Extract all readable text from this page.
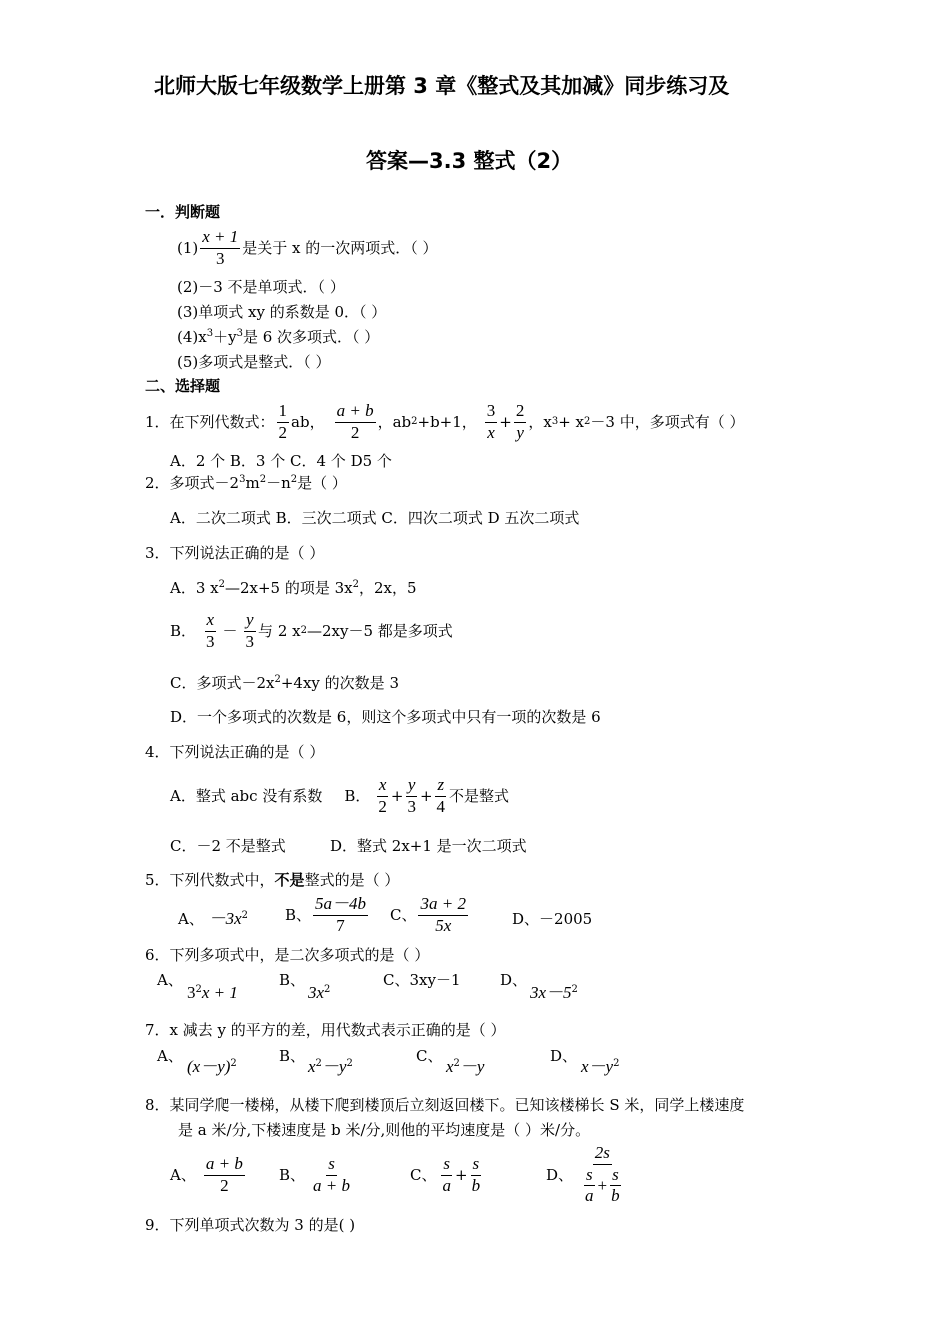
北师大版七年级数学上册第 3 章《整式及其加减》同步练习及
答案—3.3 整式（2）
一．判断题
$(1) \frac{x + 1}{3}$ 是关于 x 的一次两项式．（ ）
(2)－3 不是单项式．（ ）
(3)单项式 xy 的系数是 0．（ ）
$(4)x^3+y^3$是 6 次多项式．（ ）
(5)多项式是整式．（ ）
二、选择题
1．在下列代数式： $\frac{1}{2}$ ab， $\frac{a + b}{2}$ ，ab 2 +b+1， $\frac{3}{x} + \frac{2}{y}$ ，x 3 + x 2 －3 中，多项式有（ ）
A．2 个 B．3 个 C．4 个 D5 个
2．多项式$-2^3m^2-n^2$是（ ）
A．二次二项式 B．三次二项式 C．四次二项式 D 五次二项式
3．下列说法正确的是（ ）
A．3 $x^2—2x+5$ 的项是 $3x^2$，2x，5
B． $\frac{x}{3} - \frac{y}{3}$ 与 2 x 2 —2xy－5 都是多项式
C．多项式$-2x^2+4xy$ 的次数是 3
D．一个多项式的次数是 6，则这个多项式中只有一项的次数是 6
4．下列说法正确的是（ ）
A．整式 abc 没有系数 B． $\frac{x}{2} + \frac{y}{3} + \frac{z}{4}$ 不是整式
C．－2 不是整式	D．整式 2x+1 是一次二项式
5．下列代数式中，不是整式的是（ ）
A、 $-3x^2$ B、 $\frac{5a-4b}{7}$ C、 $\frac{3a + 2}{5x}$	D、－2005
6．下列多项式中，是二次多项式的是（ ）
A、
$3^2x + 1$
B、
$3x^2$
C、3xy－1	D、
$3x-5^2$
7．x 减去 y 的平方的差，用代数式表示正确的是（ ）
A、
$(x-y)^2$	B、
$x^2-y^2$	C、
$x^2-y$
D、
$x-y^2$
8．某同学爬一楼梯，从楼下爬到楼顶后立刻返回楼下。已知该楼梯长 S 米，同学上楼速度
是 a 米/分,下楼速度是 b 米/分,则他的平均速度是（ ）米/分。
A、 $\frac{a + b}{2}$ B、 $\frac{s}{a + b}$	C、 $\frac{s}{a} + \frac{s}{b}$	D、 $\frac{2s}{\frac{s}{a} + \frac{s}{b}}$
9．下列单项式次数为 3 的是( )
